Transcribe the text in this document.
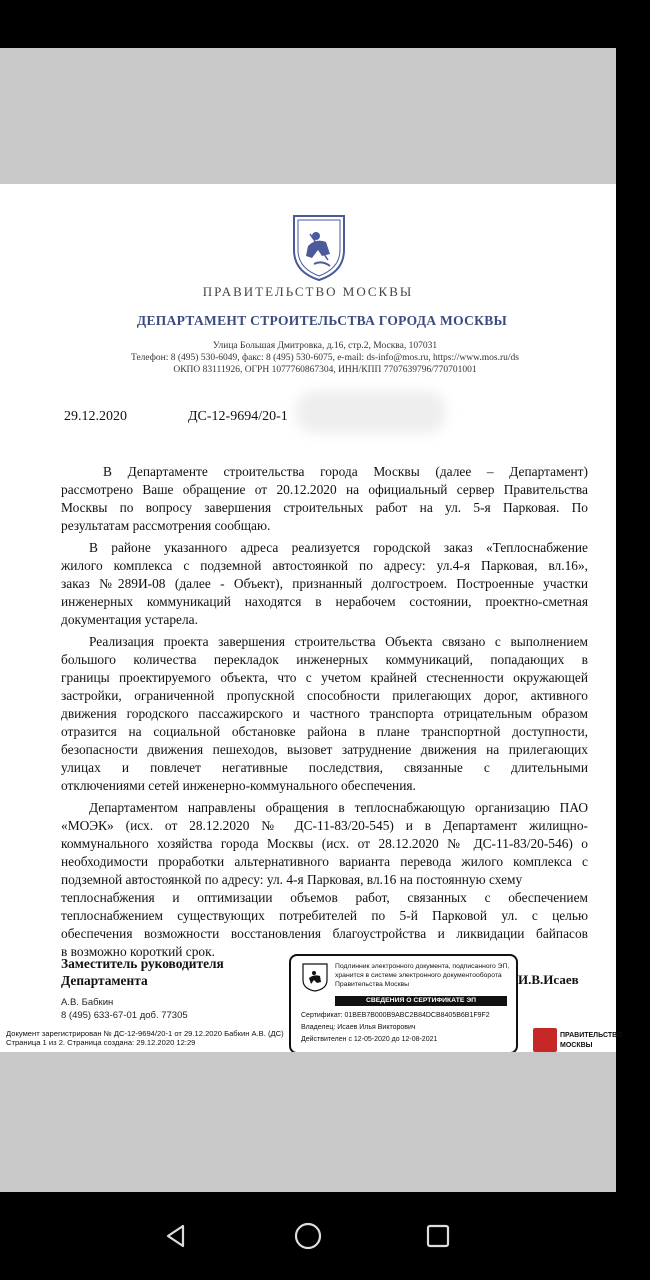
ПРАВИТЕЛЬСТВО МОСКВЫ
ДЕПАРТАМЕНТ СТРОИТЕЛЬСТВА ГОРОДА МОСКВЫ
Улица Большая Дмитровка, д.16, стр.2, Москва, 107031
Телефон: 8 (495) 530-6049, факс: 8 (495) 530-6075, e-mail: ds-info@mos.ru, https://www.mos.ru/ds
ОКПО 83111926, ОГРН 1077760867304, ИНН/КПП 7707639796/770701001
29.12.2020	ДС-12-9694/20-1
В Департаменте строительства города Москвы (далее – Департамент)
рассмотрено Ваше обращение от 20.12.2020 на официальный сервер Правительства
Москвы по вопросу завершения строительных работ на ул. 5-я Парковая. По
результатам рассмотрения сообщаю.
В районе указанного адреса реализуется городской заказ «Теплоснабжение
жилого комплекса с подземной автостоянкой по адресу: ул.4-я Парковая, вл.16»,
заказ №289И-08 (далее - Объект), признанный долгостроем. Построенные участки
инженерных коммуникаций находятся в нерабочем состоянии, проектно-сметная
документация устарела.
Реализация проекта завершения строительства Объекта связано с выполнением
большого количества перекладок инженерных коммуникаций, попадающих в
границы проектируемого объекта, что с учетом крайней стесненности окружающей
застройки, ограниченной пропускной способности прилегающих дорог, активного
движения городского пассажирского и частного транспорта отрицательным образом
отразится на социальной обстановке района в плане транспортной доступности,
безопасности движения пешеходов, вызовет затруднение движения на прилегающих
улицах и повлечет негативные последствия, связанные с длительными
отключениями сетей инженерно-коммунального обеспечения.
Департаментом направлены обращения в теплоснабжающую организацию ПАО
«МОЭК» (исх. от 28.12.2020 № ДС-11-83/20-545) и в Департамент жилищно-
коммунального хозяйства города Москвы (исх. от 28.12.2020 № ДС-11-83/20-546) о
необходимости проработки альтернативного варианта перевода жилого комплекса с
подземной автостоянкой по адресу: ул. 4-я Парковая, вл.16 на постоянную схему
теплоснабжения и оптимизации объемов работ, связанных с обеспечением
теплоснабжением существующих потребителей по 5-й Парковой ул. с целью
обеспечения возможности восстановления благоустройства и ликвидации байпасов
в возможно короткий срок.
Заместитель руководителя
Департамента
Подлинник электронного документа, подписанного ЭП,
хранится в системе электронного документооборота
Правительства Москвы
СВЕДЕНИЯ О СЕРТИФИКАТЕ ЭП
Сертификат: 01BEB7B000B9ABC2B84DCB8405B6B1F9F2
Владелец: Исаев Илья Викторович
Действителен с 12-05-2020 до 12-08-2021
И.В.Исаев
А.В. Бабкин
8 (495) 633-67-01 доб. 77305
Документ зарегистрирован № ДС-12-9694/20-1 от 29.12.2020 Бабкин А.В. (ДС)
Страница 1 из 2. Страница создана: 29.12.2020 12:29
ПРАВИТЕЛЬСТВО
МОСКВЫ
